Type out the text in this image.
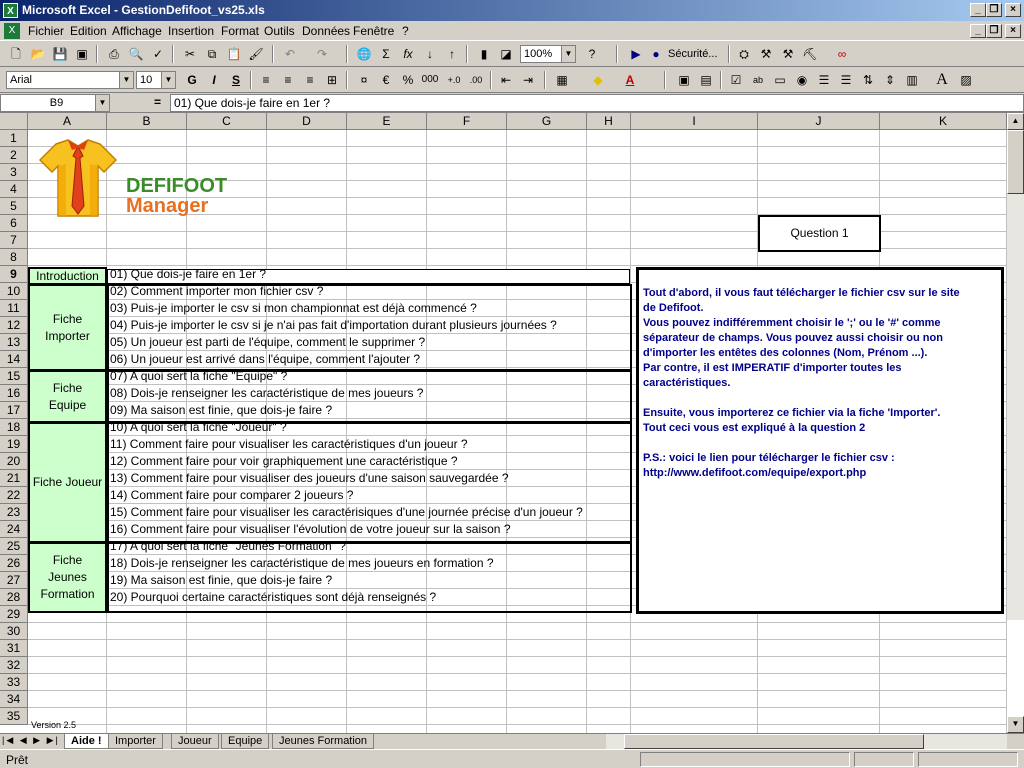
X Microsoft Excel - GestionDefifoot_vs25.xls	_ ❐	×
X	Fichier Edition Affichage Insertion Format Outils Données Fenêtre ?	_ ❐	×
🗋 📂 💾 ▣	⎙ 🔍 ✓	✂	⧉ 📋 🖌	↶	↷	🌐 Σ	fx	↓	↑	▮	◪	100%	▼	?	▶ ● Sécurité...	⛭ ⚒ ⚒ ⛏	∞
Arial	▼ 10	▼	G	I	S	≡	≡	≡	⊞	¤	€	% 000	+.0	.00	⇤ ⇥	▦	◆	A	▣ ▤	☑	ab ▭ ◉ ☰ ☰ ⇅ ⇕ ▥ A	▨
B9	▼	=	01) Que dois-je faire en 1er ?
A	B	C	D	E	F	G	H	I	J	K
1
2
3
4
5
6
7
8
9
10
11
12
13
14
15
16
17
18
19
20
21
22
23
24
25
26
27
28
29
30
31
32
33
34
35
DEFIFOOT
Manager
Question 1
Introduction
Fiche Importer
Fiche Equipe
Fiche Joueur
Fiche Jeunes Formation
01) Que dois-je faire en 1er ?
02) Comment importer mon fichier csv ?
03) Puis-je importer le csv si mon championnat est déjà commencé ?
04) Puis-je importer le csv si je n'ai pas fait d'importation durant plusieurs journées ?
05) Un joueur est parti de l'équipe, comment le supprimer ?
06) Un joueur est arrivé dans l'équipe, comment l'ajouter ?
07) A quoi sert la fiche "Equipe" ?
08) Dois-je renseigner les caractéristique de mes joueurs ?
09) Ma saison est finie, que dois-je faire ?
10) A quoi sert la fiche "Joueur" ?
11) Comment faire pour visualiser les caractéristiques d'un joueur ?
12) Comment faire pour voir graphiquement une caractéristique ?
13) Comment faire pour visualiser des joueurs d'une saison sauvegardée ?
14) Comment faire pour comparer 2 joueurs ?
15) Comment faire pour visualiser les caractérisiques d'une journée précise d'un joueur ?
16) Comment faire pour visualiser l'évolution de votre joueur sur la saison ?
17) A quoi sert la fiche "Jeunes Formation" ?
18) Dois-je renseigner les caractéristique de mes joueurs en formation ?
19) Ma saison est finie, que dois-je faire ?
20) Pourquoi certaine caractéristiques sont déjà renseignés ?
Tout d'abord, il vous faut télécharger le fichier csv sur le site
de Defifoot.
Vous pouvez indifféremment choisir le ';' ou le '#' comme
séparateur de champs. Vous pouvez aussi choisir ou non
d'importer les entêtes des colonnes (Nom, Prénom ...).
Par contre, il est IMPERATIF d'importer toutes les
caractéristiques.
Ensuite, vous importerez ce fichier via la fiche 'Importer'.
Tout ceci vous est expliqué à la question 2
P.S.: voici le lien pour télécharger le fichier csv :
http://www.defifoot.com/equipe/export.php
Version 2.5
▲
▼
|◀ ◀ ▶ ▶|	Aide !	Importer	Joueur	Equipe	Jeunes Formation
Prêt
